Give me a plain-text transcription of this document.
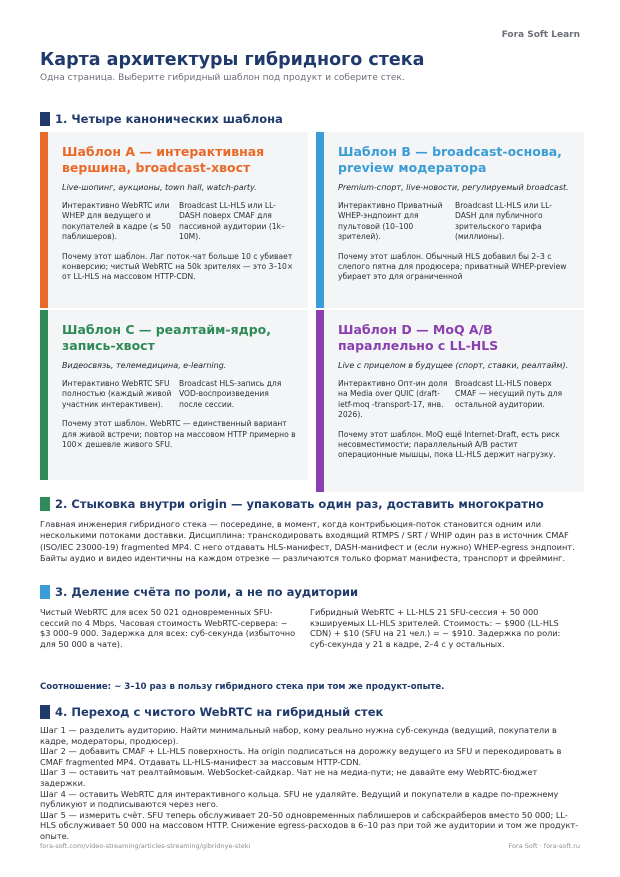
Fora Soft Learn
Карта архитектуры гибридного стека
Одна страница. Выберите гибридный шаблон под продукт и соберите стек.
1. Четыре канонических шаблона
Шаблон A — интерактивная вершина, broadcast-хвост
Live-шопинг, аукционы, town hall, watch-party.
Интерактивно WebRTC или WHEP для ведущего и покупателей в кадре (≤ 50 паблишеров).
Broadcast LL-HLS или LL-DASH поверх CMAF для пассивной аудитории (1k–10M).
Почему этот шаблон. Лаг поток-чат больше 10 с убивает конверсию; чистый WebRTC на 50k зрителях — это 3–10× от LL-HLS на массовом HTTP-CDN.
Шаблон B — broadcast-основа, preview модератора
Premium-спорт, live-новости, регулируемый broadcast.
Интерактивно Приватный WHEP-эндпоинт для пультовой (10–100 зрителей).
Broadcast LL-HLS или LL-DASH для публичного зрительского тарифа (миллионы).
Почему этот шаблон. Обычный HLS добавил бы 2–3 с слепого пятна для продюсера; приватный WHEP-preview убирает это для ограниченной
Шаблон C — реалтайм-ядро, запись-хвост
Видеосвязь, телемедицина, e-learning.
Интерактивно WebRTC SFU полностью (каждый живой участник интерактивен).
Broadcast HLS-запись для VOD-воспроизведения после сессии.
Почему этот шаблон. WebRTC — единственный вариант для живой встречи; повтор на массовом HTTP примерно в 100× дешевле живого SFU.
Шаблон D — MoQ A/B параллельно с LL-HLS
Live с прицелом в будущее (спорт, ставки, реалтайм).
Интерактивно Опт-ин доля на Media over QUIC (draft-ietf-moq -transport-17, янв. 2026).
Broadcast LL-HLS поверх CMAF — несущий путь для остальной аудитории.
Почему этот шаблон. MoQ ещё Internet-Draft, есть риск несовместимости; параллельный A/B растит операционные мышцы, пока LL-HLS держит нагрузку.
2. Стыковка внутри origin — упаковать один раз, доставить многократно
Главная инженерия гибридного стека — посередине, в момент, когда контрибьюция-поток становится одним или несколькими потоками доставки. Дисциплина: транскодировать входящий RTMPS / SRT / WHIP один раз в источник CMAF (ISO/IEC 23000-19) fragmented MP4. С него отдавать HLS-манифест, DASH-манифест и (если нужно) WHEP-egress эндпоинт. Байты аудио и видео идентичны на каждом отрезке — различаются только формат манифеста, транспорт и фрейминг.
3. Деление счёта по роли, а не по аудитории
Чистый WebRTC для всех 50 021 одновременных SFU-сессий по 4 Mbps. Часовая стоимость WebRTC-сервера: ~ $3 000–9 000. Задержка для всех: суб-секунда (избыточно для 50 000 в чате).
Гибридный WebRTC + LL-HLS 21 SFU-сессия + 50 000 кэшируемых LL-HLS зрителей. Стоимость: ~ $900 (LL-HLS CDN) + $10 (SFU на 21 чел.) = ~ $910. Задержка по роли: суб-секунда у 21 в кадре, 2–4 с у остальных.
Соотношение: ~ 3–10 раз в пользу гибридного стека при том же продукт-опыте.
4. Переход с чистого WebRTC на гибридный стек

Шаг 1 — разделить аудиторию. Найти минимальный набор, кому реально нужна суб-секунда (ведущий, покупатели в кадре, модераторы, продюсер).

Шаг 2 — добавить CMAF + LL-HLS поверхность. На origin подписаться на дорожку ведущего из SFU и перекодировать в CMAF fragmented MP4. Отдавать LL-HLS-манифест за массовым HTTP-CDN.

Шаг 3 — оставить чат реалтаймовым. WebSocket-сайдкар. Чат не на медиа-пути; не давайте ему WebRTC-бюджет задержки.

Шаг 4 — оставить WebRTC для интерактивного кольца. SFU не удаляйте. Ведущий и покупатели в кадре по-прежнему публикуют и подписываются через него.

Шаг 5 — измерить счёт. SFU теперь обслуживает 20–50 одновременных паблишеров и сабскрайберов вместо 50 000; LL-HLS обслуживает 50 000 на массовом HTTP. Снижение egress-расходов в 6–10 раз при той же аудитории и том же продукт-опыте.

fora-soft.com/video-streaming/articles-streaming/gibridnye-steki	Fora Soft · fora-soft.ru
